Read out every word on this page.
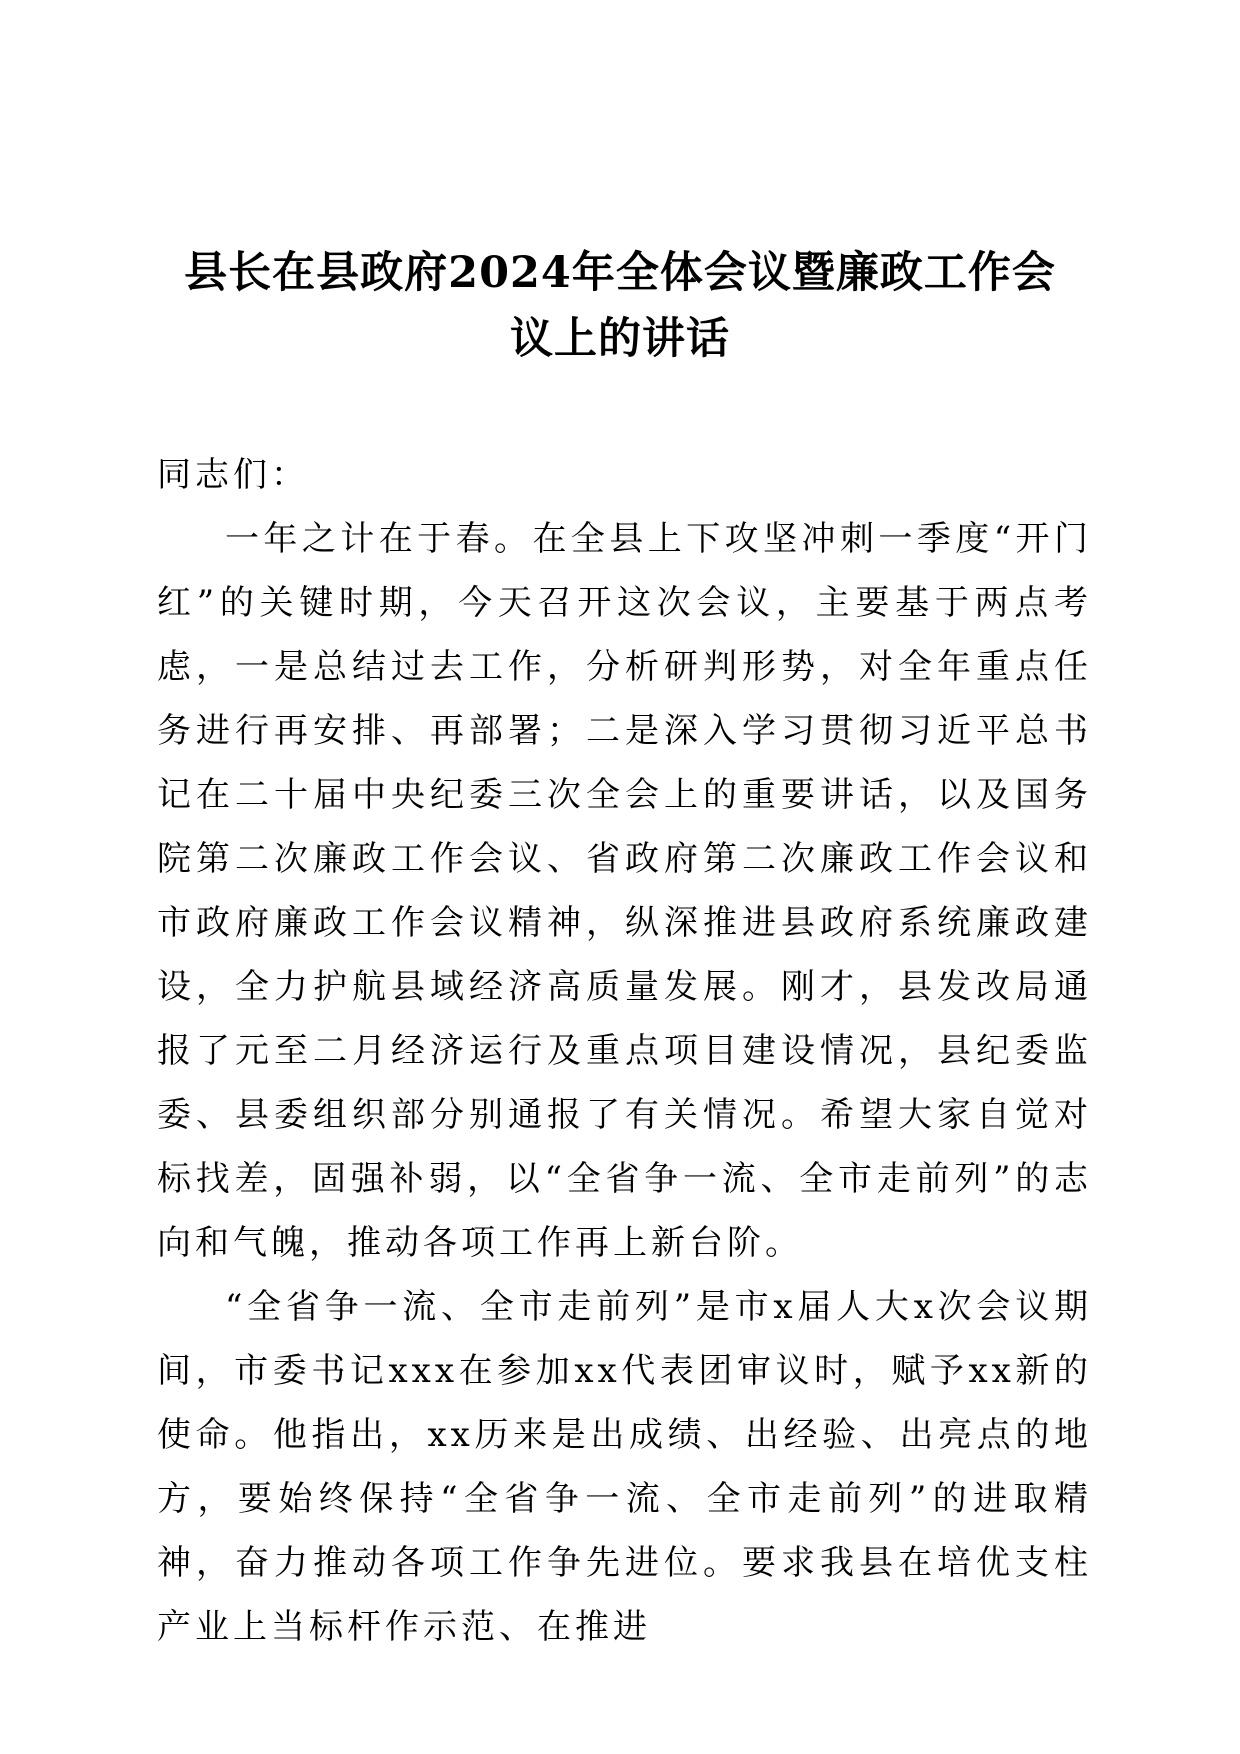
县长在县政府2024年全体会议暨廉政工作会
议上的讲话

同志们：

一年之计在于春。在全县上下攻坚冲刺一季度“开门红”的关键时期，今天召开这次会议，主要基于两点考虑，一是总结过去工作，分析研判形势，对全年重点任务进行再安排、再部署；二是深入学习贯彻习近平总书记在二十届中央纪委三次全会上的重要讲话，以及国务院第二次廉政工作会议、省政府第二次廉政工作会议和市政府廉政工作会议精神，纵深推进县政府系统廉政建设，全力护航县域经济高质量发展。刚才，县发改局通报了元至二月经济运行及重点项目建设情况，县纪委监委、县委组织部分别通报了有关情况。希望大家自觉对标找差，固强补弱，以“全省争一流、全市走前列”的志向和气魄，推动各项工作再上新台阶。

“全省争一流、全市走前列”是市x届人大x次会议期间，市委书记xxx在参加xx代表团审议时，赋予xx新的使命。他指出，xx历来是出成绩、出经验、出亮点的地方，要始终保持“全省争一流、全市走前列”的进取精神，奋力推动各项工作争先进位。要求我县在培优支柱产业上当标杆作示范、在推进
